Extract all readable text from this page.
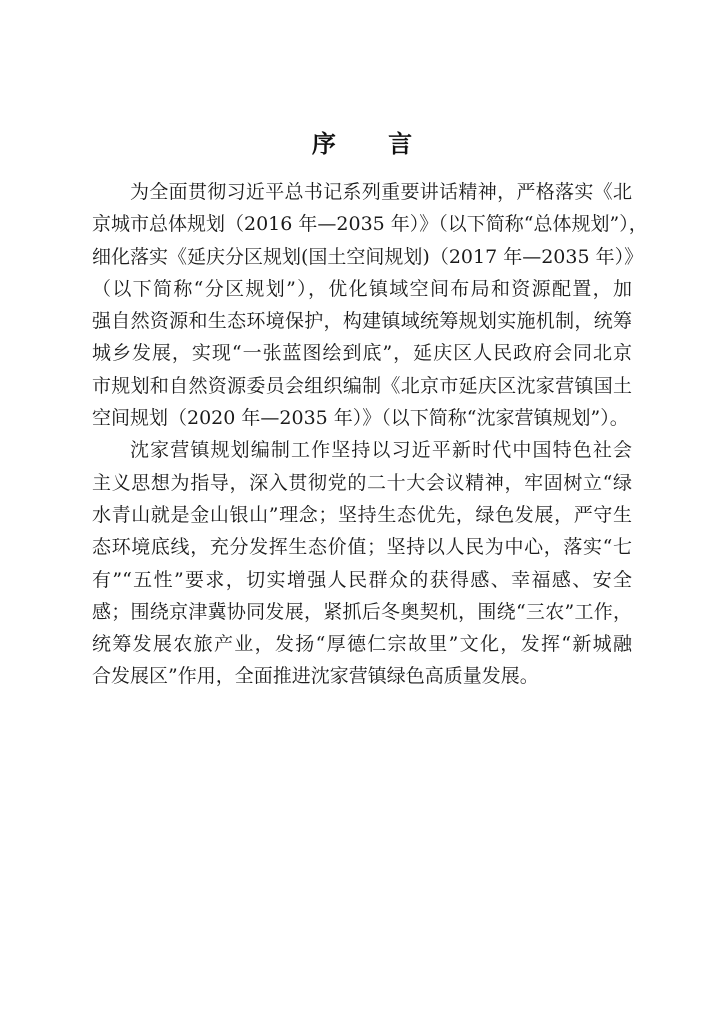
序 言
为全面贯彻习近平总书记系列重要讲话精神，严格落实《北
京城市总体规划（2016 年—2035 年）》（以下简称“总体规划”），
细化落实《延庆分区规划(国土空间规划)（2017 年—2035 年）》
（以下简称“分区规划”），优化镇域空间布局和资源配置，加
强自然资源和生态环境保护，构建镇域统筹规划实施机制，统筹
城乡发展，实现“一张蓝图绘到底”，延庆区人民政府会同北京
市规划和自然资源委员会组织编制《北京市延庆区沈家营镇国土
空间规划（2020 年—2035 年）》（以下简称“沈家营镇规划”）。
沈家营镇规划编制工作坚持以习近平新时代中国特色社会
主义思想为指导，深入贯彻党的二十大会议精神，牢固树立“绿
水青山就是金山银山”理念；坚持生态优先，绿色发展，严守生
态环境底线，充分发挥生态价值；坚持以人民为中心，落实“七
有”“五性”要求，切实增强人民群众的获得感、幸福感、安全
感；围绕京津冀协同发展，紧抓后冬奥契机，围绕“三农”工作，
统筹发展农旅产业，发扬“厚德仁宗故里”文化，发挥“新城融
合发展区”作用，全面推进沈家营镇绿色高质量发展。
